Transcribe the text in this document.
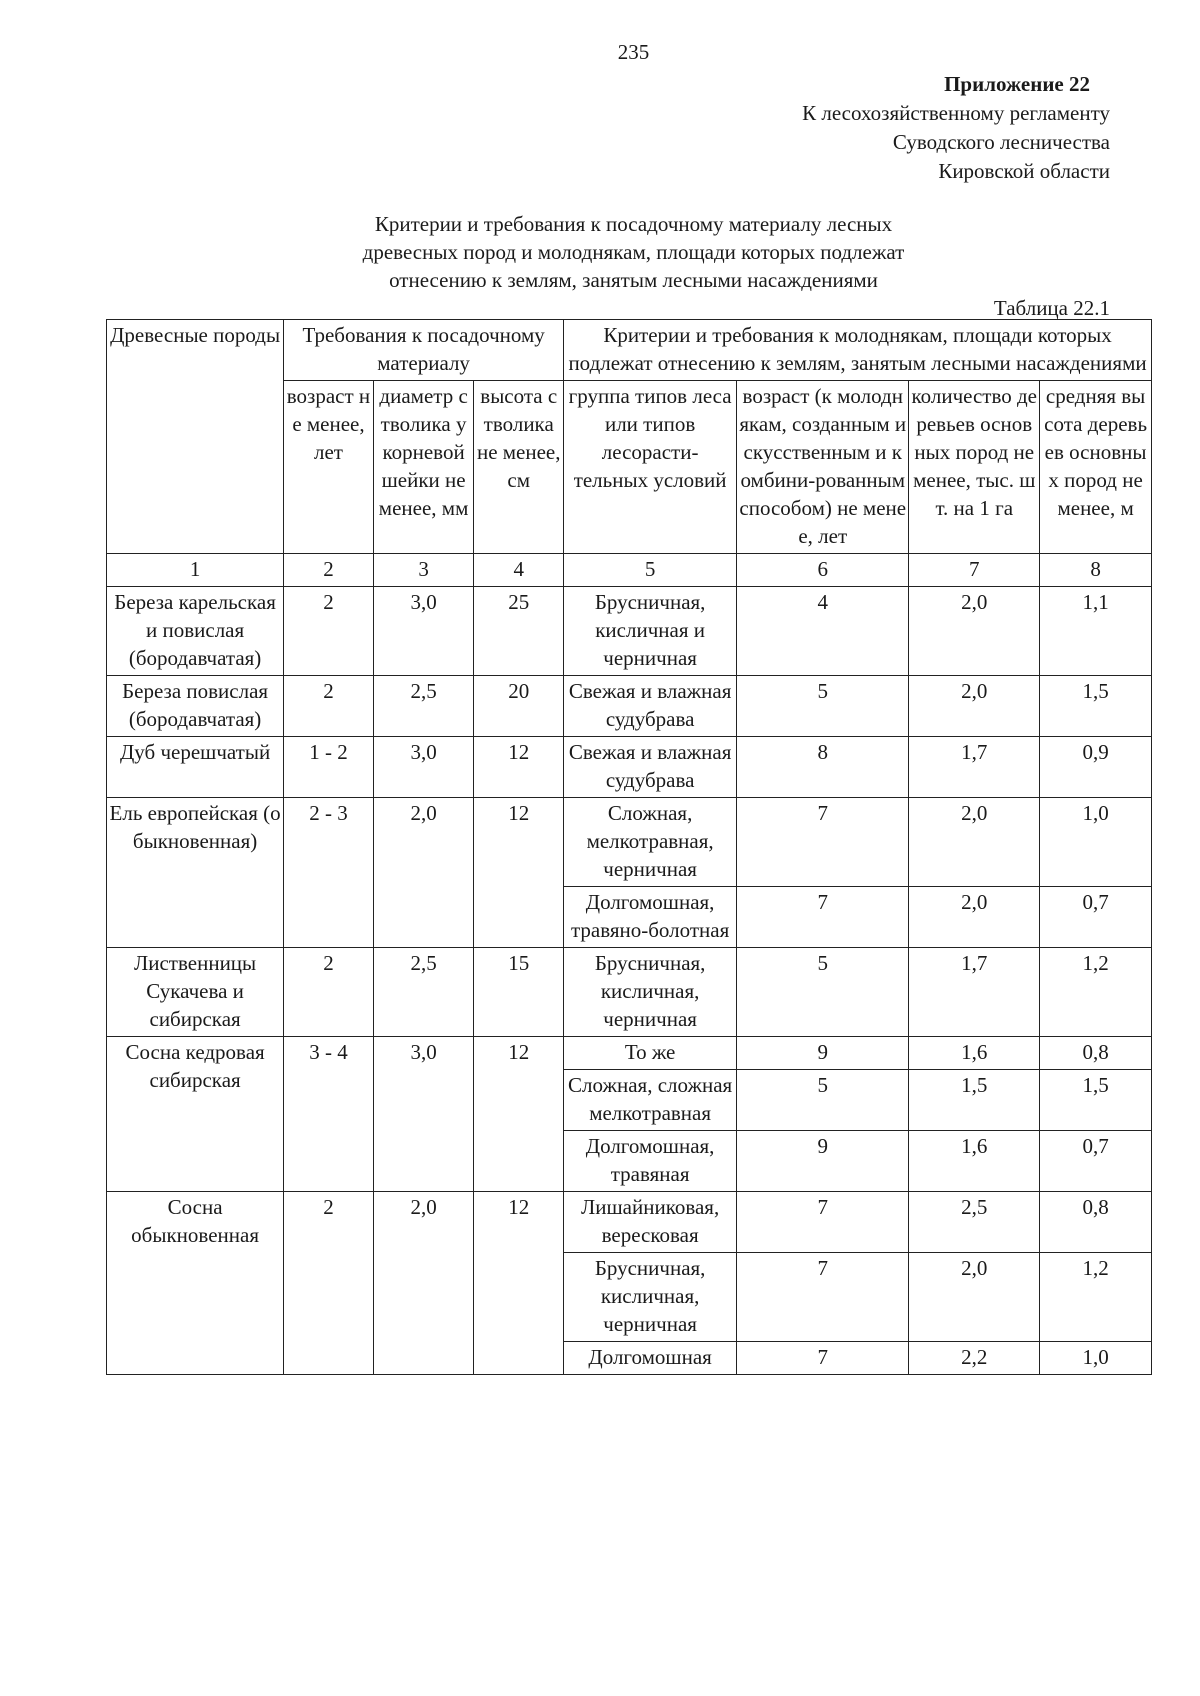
235
Приложение 22
К лесохозяйственному регламенту
Суводского лесничества
Кировской области
Критерии и требования к посадочному материалу лесных
древесных пород и молоднякам, площади которых подлежат
отнесению к землям, занятым лесными насаждениями
Таблица 22.1
Древесные породы	Требования к посадочному материалу			Критерии и требования к молоднякам, площади которых подлежат отнесению к землям, занятым лесными насаждениями			
	возраст не менее, лет	диаметр стволика у корневой шейки не менее, мм	высота стволика не менее, см	группа типов леса или типов лесорасти-тельных условий	возраст (к молоднякам, созданным искусственным и комбини-рованным способом) не менее, лет	количество деревьев основных пород не менее, тыс. шт. на 1 га	средняя высота деревьев основных пород не менее, м
1	2	3	4	5	6	7	8
Береза карельская и повислая (бородавчатая)	2	3,0	25	Брусничная, кисличная и черничная	4	2,0	1,1
Береза повислая (бородавчатая)	2	2,5	20	Свежая и влажная судубрава	5	2,0	1,5
Дуб черешчатый	1 - 2	3,0	12	Свежая и влажная судубрава	8	1,7	0,9
Ель европейская (обыкновенная)	2 - 3	2,0	12	Сложная, мелкотравная, черничная	7	2,0	1,0
				Долгомошная, травяно-болотная	7	2,0	0,7
Лиственницы Сукачева и сибирская	2	2,5	15	Брусничная, кисличная, черничная	5	1,7	1,2
Сосна кедровая сибирская	3 - 4	3,0	12	То же	9	1,6	0,8
				Сложная, сложная мелкотравная	5	1,5	1,5
				Долгомошная, травяная	9	1,6	0,7
Сосна обыкновенная	2	2,0	12	Лишайниковая, вересковая	7	2,5	0,8
				Брусничная, кисличная, черничная	7	2,0	1,2
				Долгомошная	7	2,2	1,0
